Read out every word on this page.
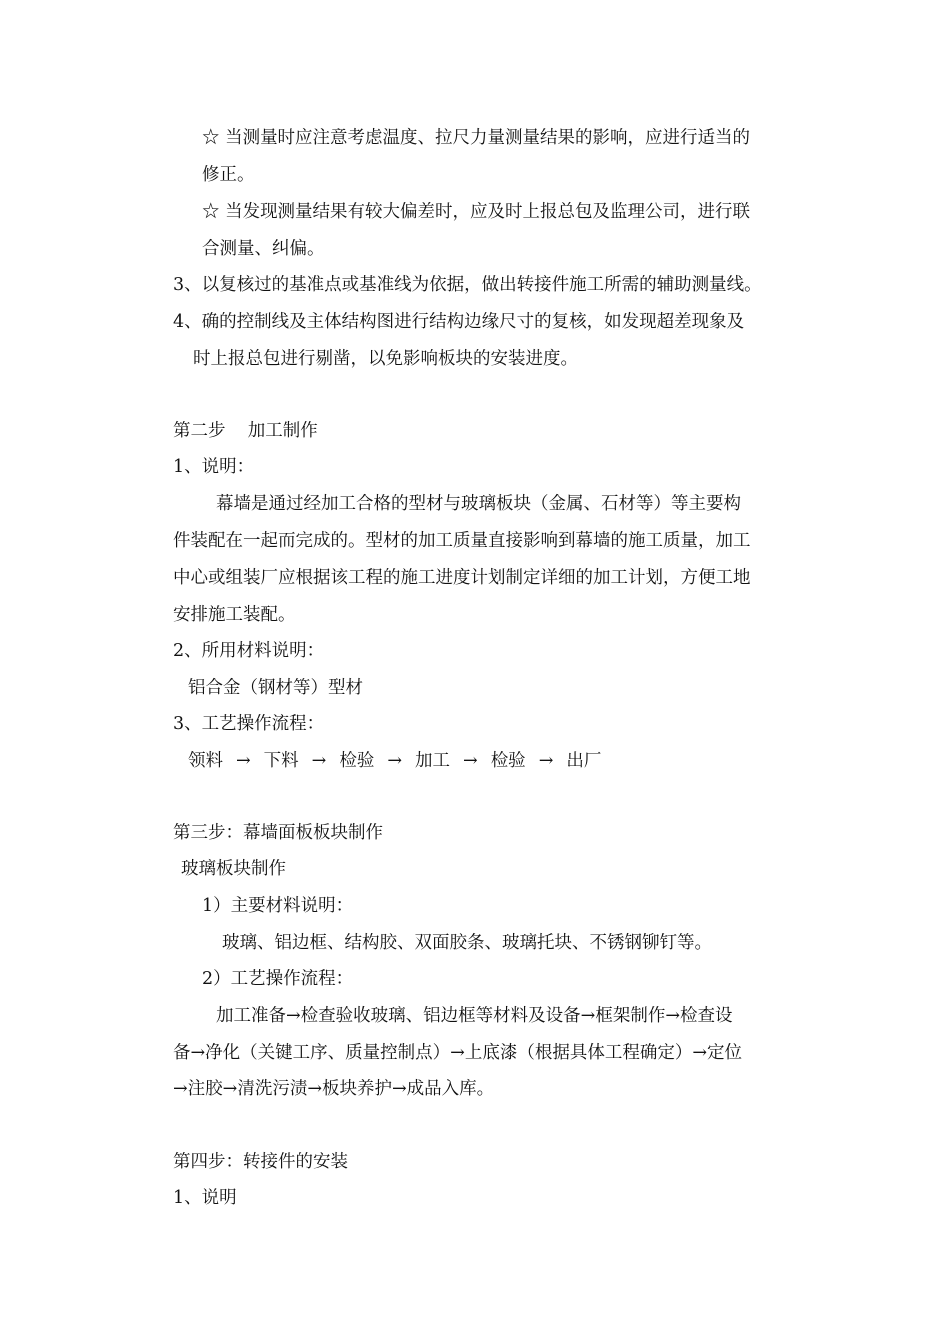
☆ 当测量时应注意考虑温度、拉尺力量测量结果的影响，应进行适当的
修正。
☆ 当发现测量结果有较大偏差时，应及时上报总包及监理公司，进行联
合测量、纠偏。
3、以复核过的基准点或基准线为依据，做出转接件施工所需的辅助测量线。
4、确的控制线及主体结构图进行结构边缘尺寸的复核，如发现超差现象及
时上报总包进行剔凿，以免影响板块的安装进度。
第二步    加工制作
1、说明：
幕墙是通过经加工合格的型材与玻璃板块（金属、石材等）等主要构
件装配在一起而完成的。型材的加工质量直接影响到幕墙的施工质量，加工
中心或组装厂应根据该工程的施工进度计划制定详细的加工计划，方便工地
安排施工装配。
2、所用材料说明：
铝合金（钢材等）型材
3、工艺操作流程：
领料 → 下料 → 检验 → 加工 → 检验 → 出厂
第三步：幕墙面板板块制作
玻璃板块制作
1）主要材料说明：
玻璃、铝边框、结构胶、双面胶条、玻璃托块、不锈钢铆钉等。
2）工艺操作流程：
加工准备→检查验收玻璃、铝边框等材料及设备→框架制作→检查设
备→净化（关键工序、质量控制点）→上底漆（根据具体工程确定）→定位
→注胶→清洗污渍→板块养护→成品入库。
第四步：转接件的安装
1、说明
